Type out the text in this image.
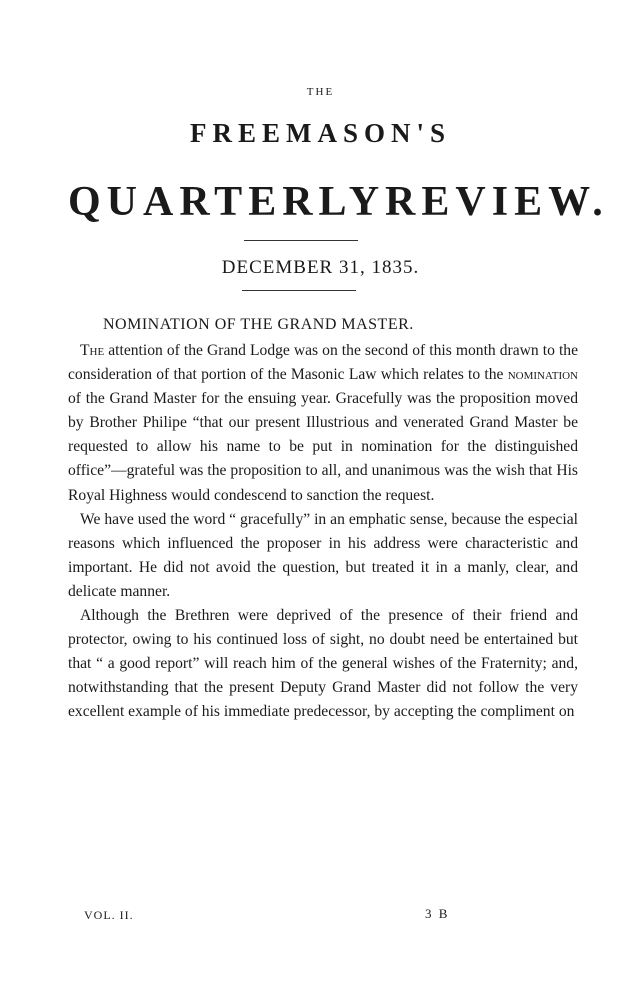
THE
FREEMASON'S
QUARTERLY REVIEW.
DECEMBER 31, 1835.
NOMINATION OF THE GRAND MASTER.

The attention of the Grand Lodge was on the second of this month drawn to the consideration of that portion of the Masonic Law which relates to the nomination of the Grand Master for the ensuing year. Gracefully was the proposition moved by Brother Philipe “that our present Illustrious and venerated Grand Master be requested to allow his name to be put in nomination for the distinguished office”—grateful was the proposition to all, and unanimous was the wish that His Royal Highness would condescend to sanction the request.

We have used the word “ gracefully” in an emphatic sense, because the especial reasons which influenced the proposer in his address were characteristic and important. He did not avoid the question, but treated it in a manly, clear, and delicate manner.

Although the Brethren were deprived of the presence of their friend and protector, owing to his continued loss of sight, no doubt need be entertained but that “ a good report” will reach him of the general wishes of the Fraternity; and, notwithstanding that the present Deputy Grand Master did not follow the very excellent example of his immediate predecessor, by accepting the compliment on

VOL. II.	3 B
